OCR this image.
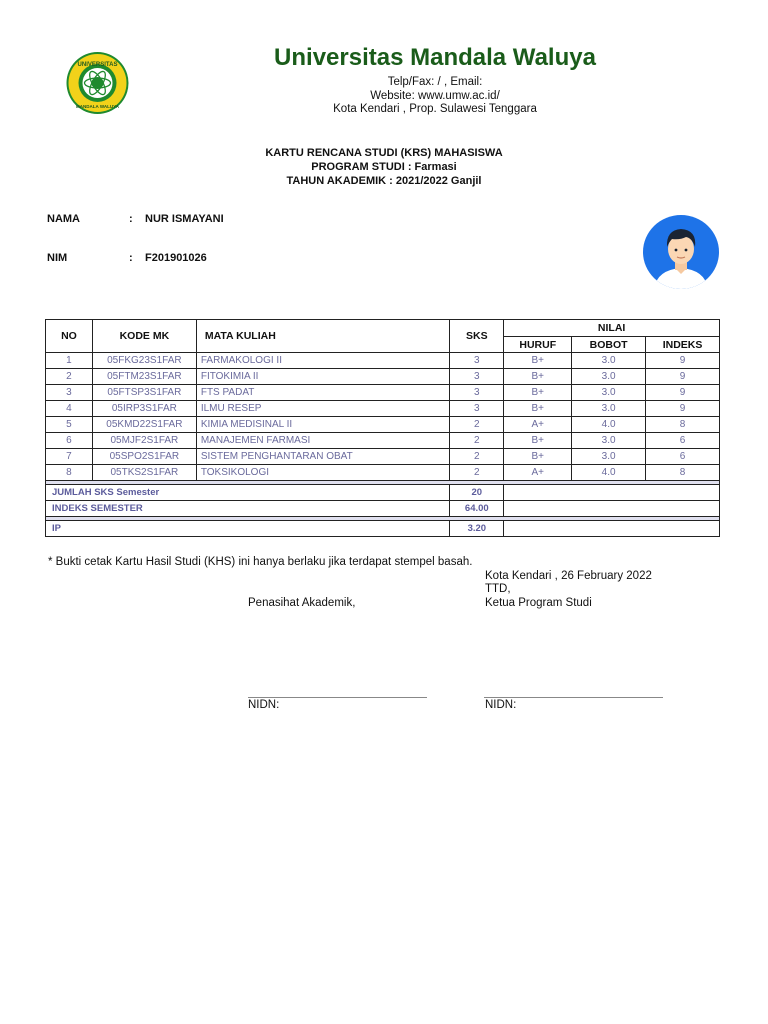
UNIVERSITAS
MANDALA WALUYA
Universitas Mandala Waluya
Telp/Fax: / , Email:
Website: www.umw.ac.id/
Kota Kendari , Prop. Sulawesi Tenggara
KARTU RENCANA STUDI (KRS) MAHASISWA
PROGRAM STUDI : Farmasi
TAHUN AKADEMIK : 2021/2022 Ganjil
NAMA	: NUR ISMAYANI
NIM	: F201901026
NO	KODE MK	MATA KULIAH	SKS	NILAI		
				HURUF	BOBOT	INDEKS
1	05FKG23S1FAR	FARMAKOLOGI II	3	B+	3.0	9
2	05FTM23S1FAR	FITOKIMIA II	3	B+	3.0	9
3	05FTSP3S1FAR	FTS PADAT	3	B+	3.0	9
4	05IRP3S1FAR	ILMU RESEP	3	B+	3.0	9
5	05KMD22S1FAR	KIMIA MEDISINAL II	2	A+	4.0	8
6	05MJF2S1FAR	MANAJEMEN FARMASI	2	B+	3.0	6
7	05SPO2S1FAR	SISTEM PENGHANTARAN OBAT	2	B+	3.0	6
8	05TKS2S1FAR	TOKSIKOLOGI	2	A+	4.0	8

JUMLAH SKS Semester			20			
INDEKS SEMESTER			64.00			

IP			3.20			
* Bukti cetak Kartu Hasil Studi (KHS) ini hanya berlaku jika terdapat stempel basah.
Kota Kendari , 26 February 2022
TTD,
Penasihat Akademik,	Ketua Program Studi
NIDN:	NIDN:
